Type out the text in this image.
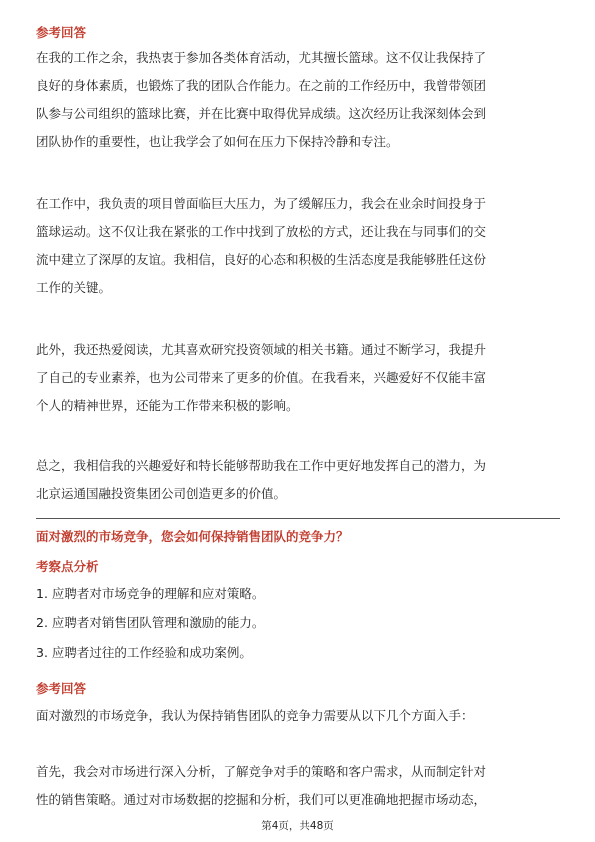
参考回答
在我的工作之余，我热衷于参加各类体育活动，尤其擅长篮球。这不仅让我保持了
良好的身体素质，也锻炼了我的团队合作能力。在之前的工作经历中，我曾带领团
队参与公司组织的篮球比赛，并在比赛中取得优异成绩。这次经历让我深刻体会到
团队协作的重要性，也让我学会了如何在压力下保持冷静和专注。
在工作中，我负责的项目曾面临巨大压力，为了缓解压力，我会在业余时间投身于
篮球运动。这不仅让我在紧张的工作中找到了放松的方式，还让我在与同事们的交
流中建立了深厚的友谊。我相信，良好的心态和积极的生活态度是我能够胜任这份
工作的关键。
此外，我还热爱阅读，尤其喜欢研究投资领域的相关书籍。通过不断学习，我提升
了自己的专业素养，也为公司带来了更多的价值。在我看来，兴趣爱好不仅能丰富
个人的精神世界，还能为工作带来积极的影响。
总之，我相信我的兴趣爱好和特长能够帮助我在工作中更好地发挥自己的潜力，为
北京运通国融投资集团公司创造更多的价值。
面对激烈的市场竞争，您会如何保持销售团队的竞争力？
考察点分析
1. 应聘者对市场竞争的理解和应对策略。
2. 应聘者对销售团队管理和激励的能力。
3. 应聘者过往的工作经验和成功案例。
参考回答
面对激烈的市场竞争，我认为保持销售团队的竞争力需要从以下几个方面入手：
首先，我会对市场进行深入分析，了解竞争对手的策略和客户需求，从而制定针对
性的销售策略。通过对市场数据的挖掘和分析，我们可以更准确地把握市场动态，
第4页，共48页
